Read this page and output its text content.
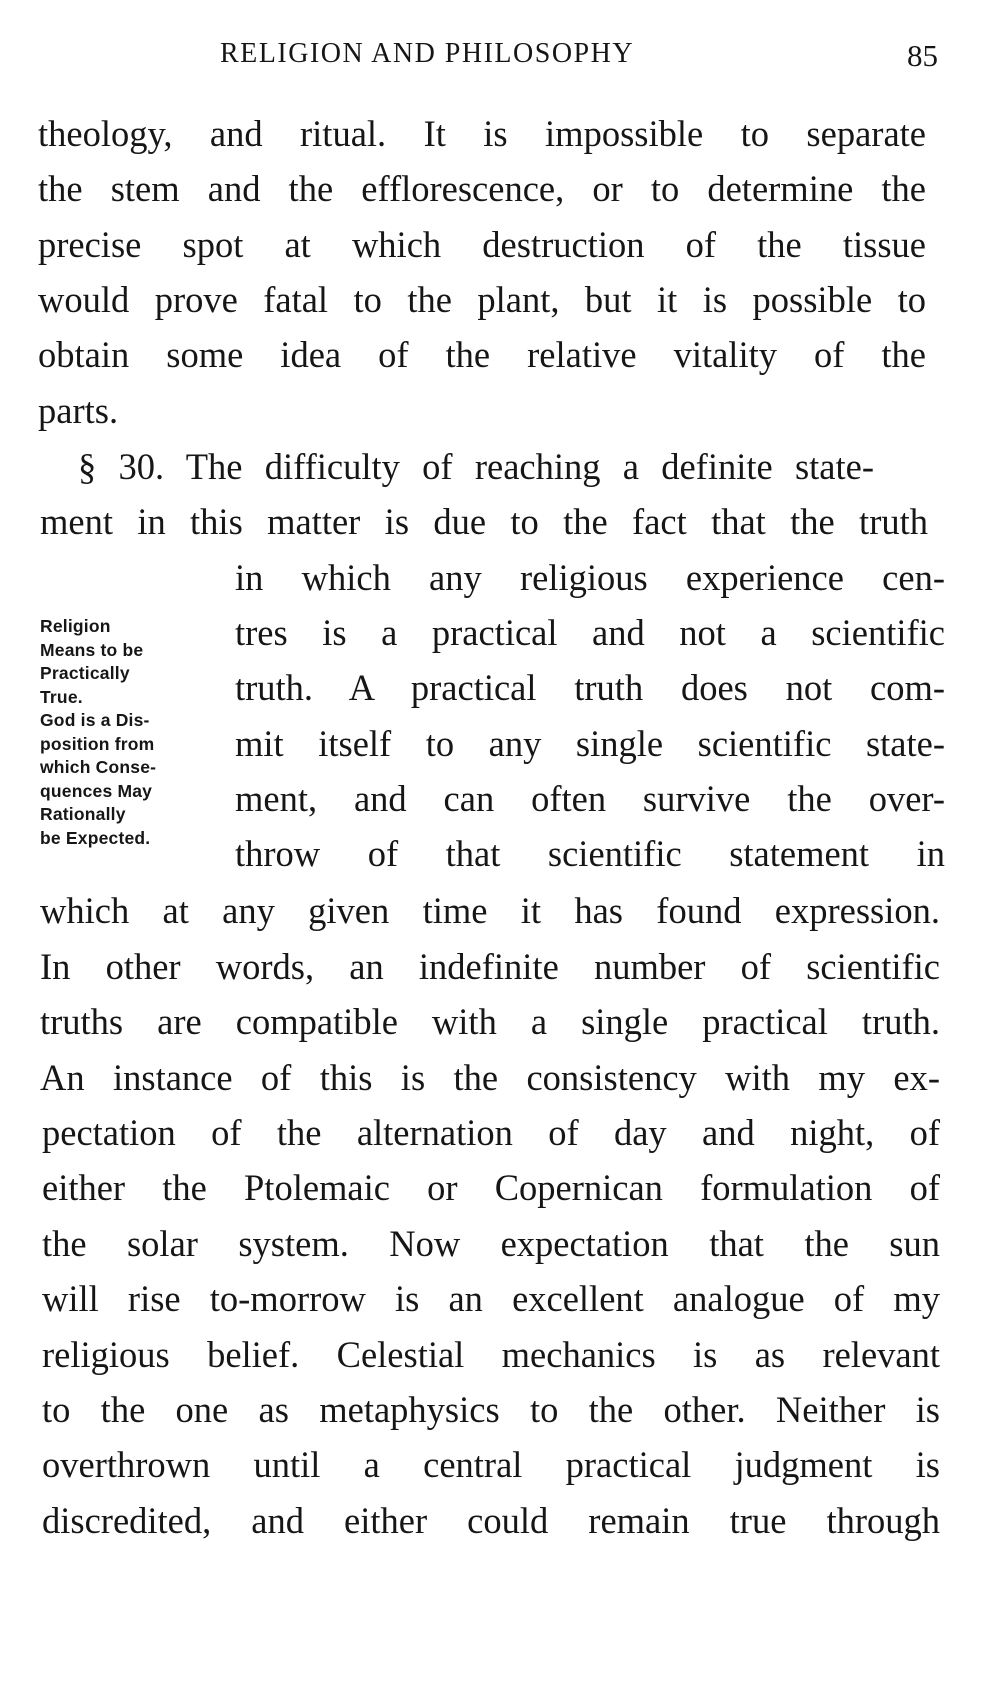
RELIGION AND PHILOSOPHY	85
theology, and ritual. It is impossible to separate
the stem and the efflorescence, or to determine the
precise spot at which destruction of the tissue
would prove fatal to the plant, but it is possible to
obtain some idea of the relative vitality of the
parts.
§ 30. The difficulty of reaching a definite state-
ment in this matter is due to the fact that the truth
in which any religious experience cen-
tres is a practical and not a scientific
truth. A practical truth does not com-
mit itself to any single scientific state-
ment, and can often survive the over-
throw of that scientific statement in
which at any given time it has found expression.
In other words, an indefinite number of scientific
truths are compatible with a single practical truth.
An instance of this is the consistency with my ex-
pectation of the alternation of day and night, of
either the Ptolemaic or Copernican formulation of
the solar system. Now expectation that the sun
will rise to-morrow is an excellent analogue of my
religious belief. Celestial mechanics is as relevant
to the one as metaphysics to the other. Neither is
overthrown until a central practical judgment is
discredited, and either could remain true through
Religion
Means to be
Practically
True.
God is a Dis-
position from
which Conse-
quences May
Rationally
be Expected.
